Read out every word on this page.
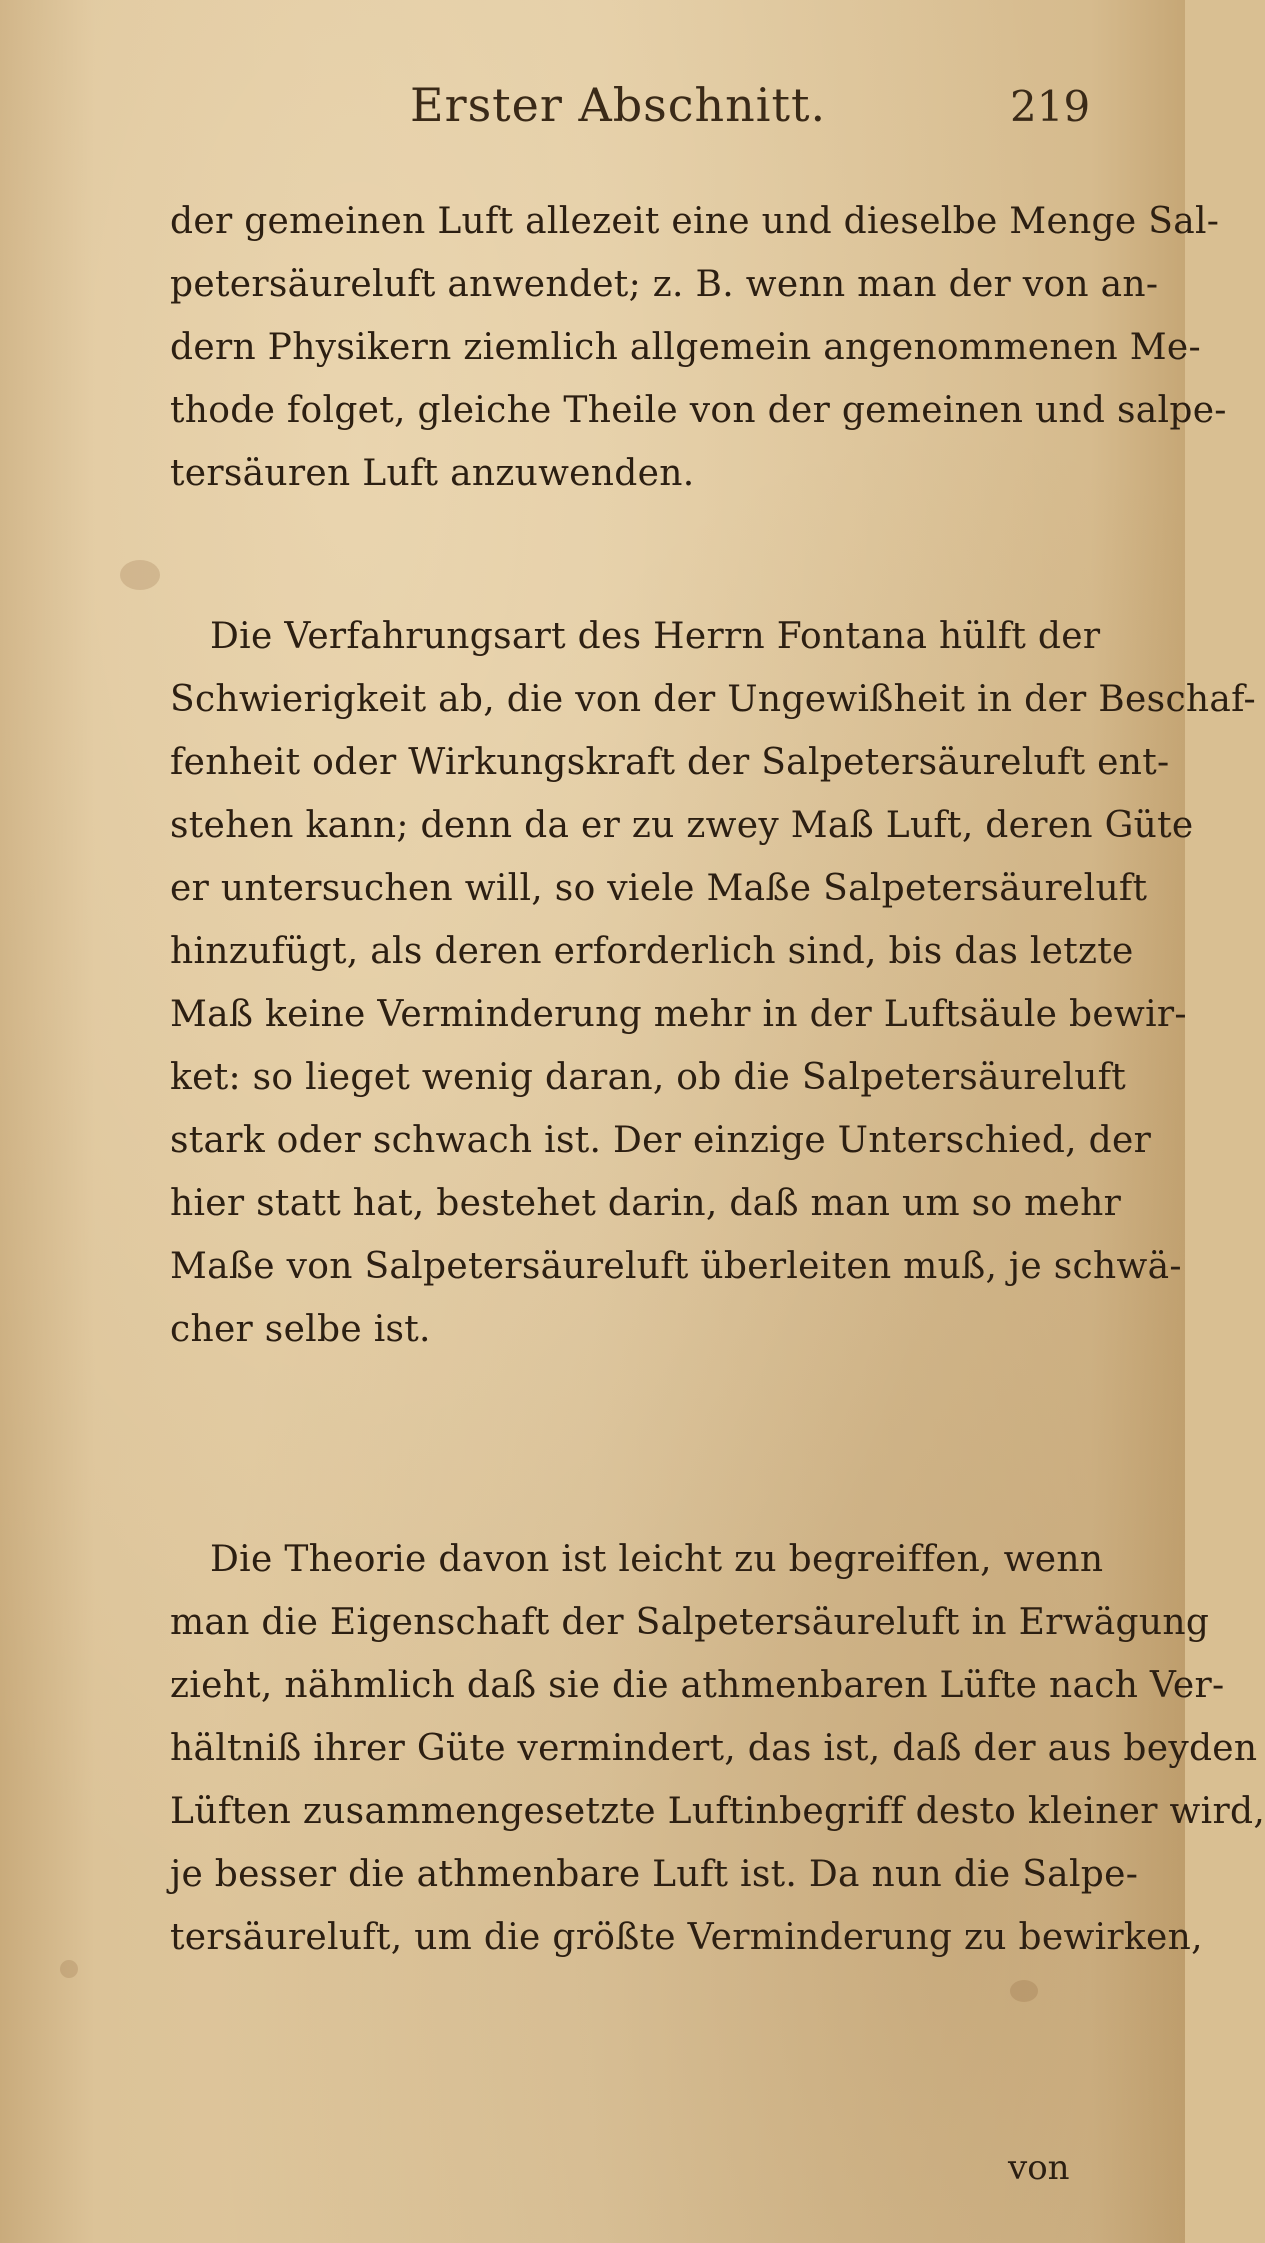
Erster Abschnitt.	219
der gemeinen Luft allezeit eine und dieselbe Menge Sal-
petersäureluft anwendet; z. B. wenn man der von an-
dern Physikern ziemlich allgemein angenommenen Me-
thode folget, gleiche Theile von der gemeinen und salpe-
tersäuren Luft anzuwenden.
Die Verfahrungsart des Herrn Fontana hülft der
Schwierigkeit ab, die von der Ungewißheit in der Beschaf-
fenheit oder Wirkungskraft der Salpetersäureluft ent-
stehen kann; denn da er zu zwey Maß Luft, deren Güte
er untersuchen will, so viele Maße Salpetersäureluft
hinzufügt, als deren erforderlich sind, bis das letzte
Maß keine Verminderung mehr in der Luftsäule bewir-
ket: so lieget wenig daran, ob die Salpetersäureluft
stark oder schwach ist. Der einzige Unterschied, der
hier statt hat, bestehet darin, daß man um so mehr
Maße von Salpetersäureluft überleiten muß, je schwä-
cher selbe ist.
Die Theorie davon ist leicht zu begreiffen, wenn
man die Eigenschaft der Salpetersäureluft in Erwägung
zieht, nähmlich daß sie die athmenbaren Lüfte nach Ver-
hältniß ihrer Güte vermindert, das ist, daß der aus beyden
Lüften zusammengesetzte Luftinbegriff desto kleiner wird,
je besser die athmenbare Luft ist. Da nun die Salpe-
tersäureluft, um die größte Verminderung zu bewirken,
von
